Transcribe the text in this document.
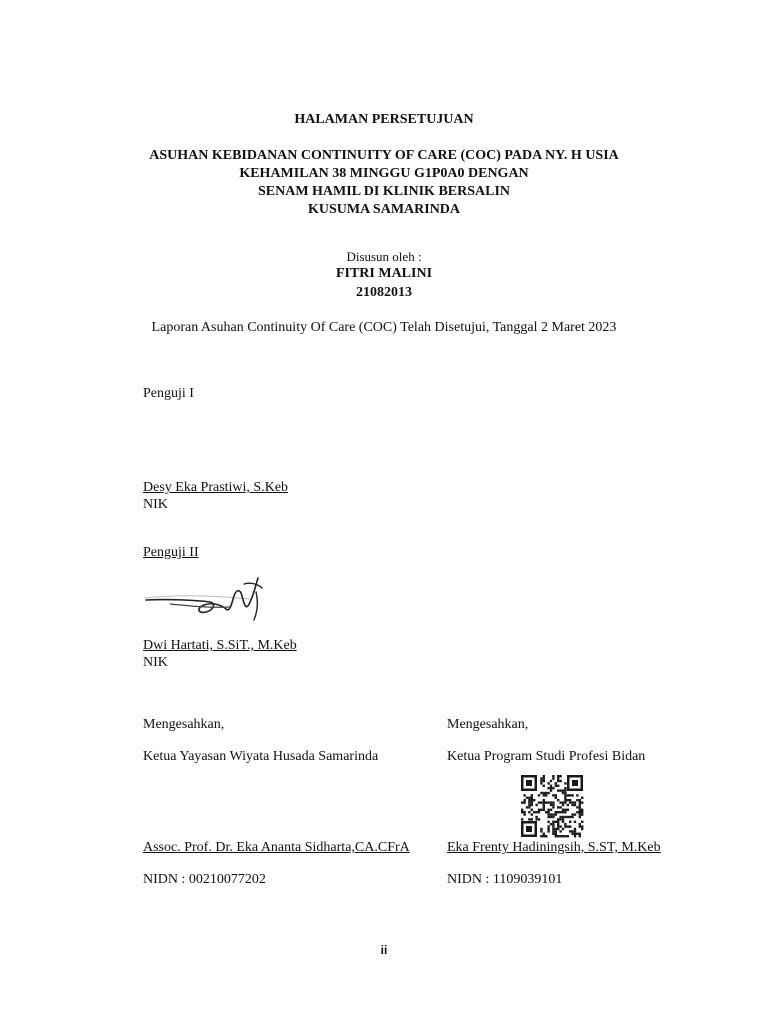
HALAMAN PERSETUJUAN
ASUHAN KEBIDANAN CONTINUITY OF CARE (COC) PADA NY. H USIA
KEHAMILAN 38 MINGGU G1P0A0 DENGAN
SENAM HAMIL DI KLINIK BERSALIN
KUSUMA SAMARINDA
Disusun oleh :
FITRI MALINI
21082013
Laporan Asuhan Continuity Of Care (COC) Telah Disetujui, Tanggal 2 Maret 2023
Penguji I
Desy Eka Prastiwi, S.Keb
NIK
Penguji II
Dwi Hartati, S.SiT., M.Keb
NIK
Mengesahkan,
Ketua Yayasan Wiyata Husada Samarinda
Assoc. Prof. Dr. Eka Ananta Sidharta,CA.CFrA
NIDN : 00210077202
Mengesahkan,
Ketua Program Studi Profesi Bidan
Eka Frenty Hadiningsih, S.ST, M.Keb
NIDN : 1109039101
ii
